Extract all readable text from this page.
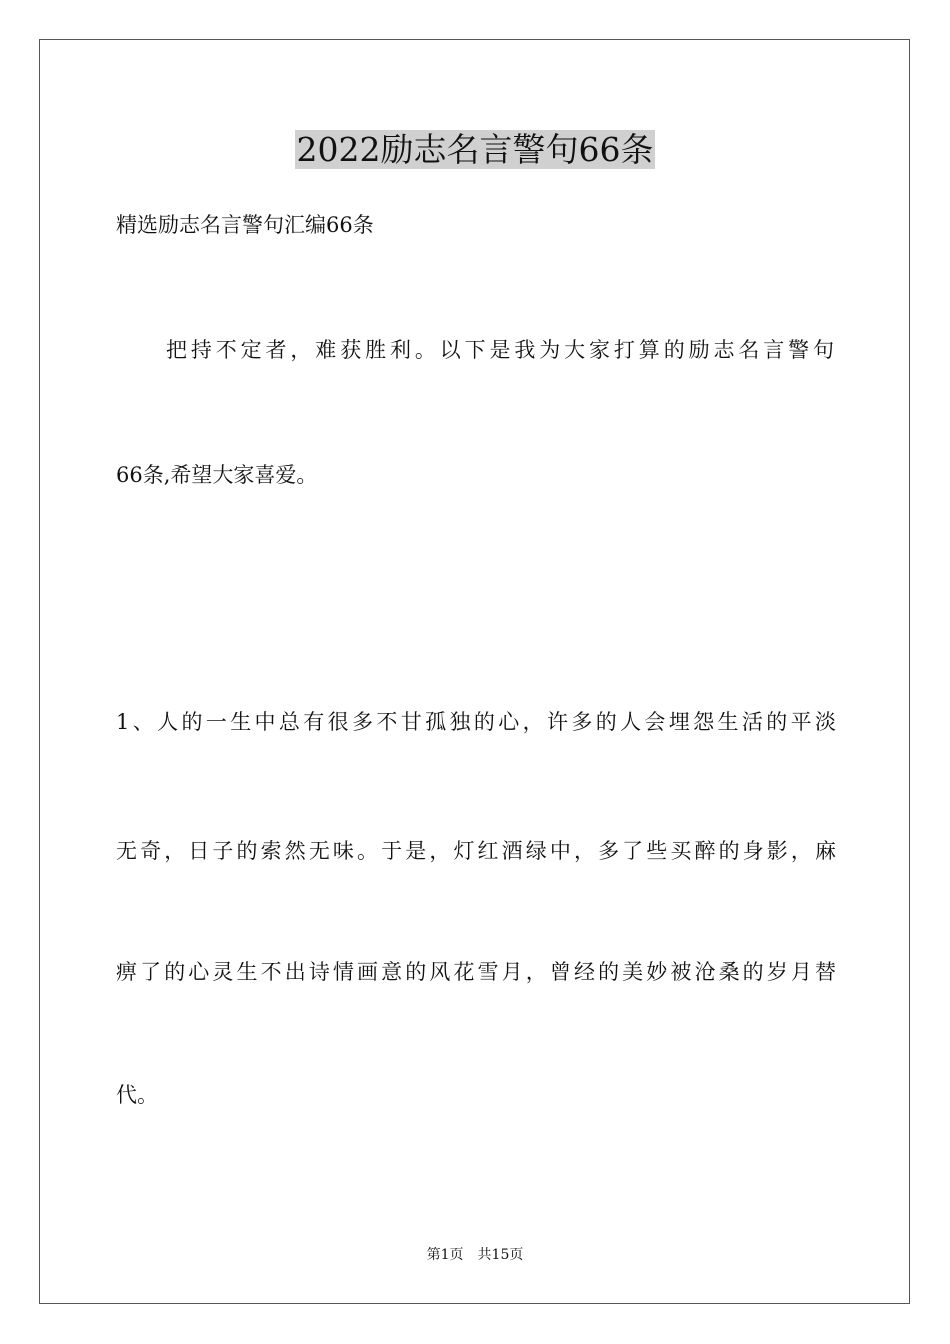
2022励志名言警句66条

精选励志名言警句汇编66条

把持不定者，难获胜利。以下是我为大家打算的励志名言警句

66条,希望大家喜爱。

1、人的一生中总有很多不甘孤独的心，许多的人会埋怨生活的平淡

无奇，日子的索然无味。于是，灯红酒绿中，多了些买醉的身影，麻

痹了的心灵生不出诗情画意的风花雪月，曾经的美妙被沧桑的岁月替

代。

第1页　共15页
